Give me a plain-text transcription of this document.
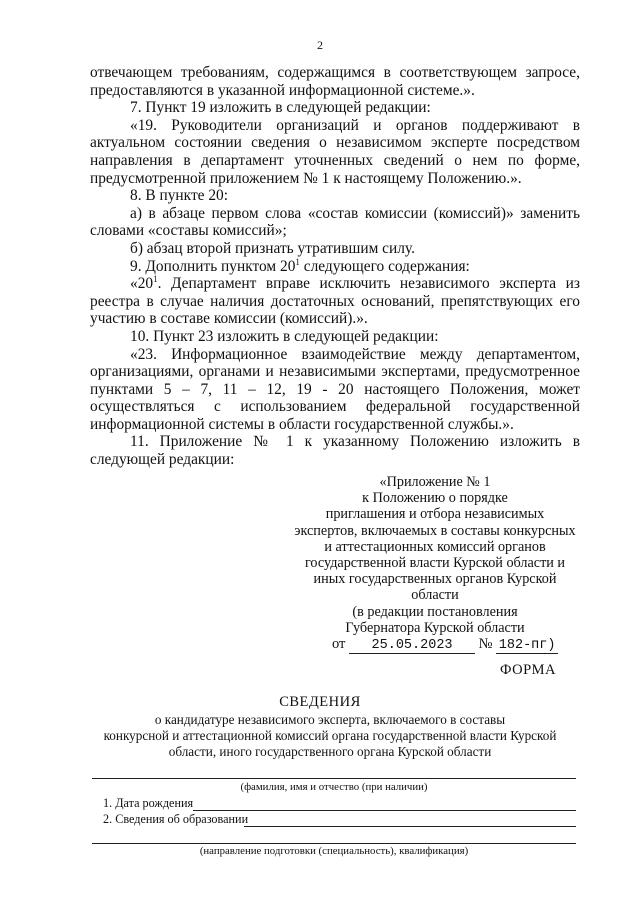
2

отвечающем требованиям, содержащимся в соответствующем запросе, предоставляются в указанной информационной системе.».

7. Пункт 19 изложить в следующей редакции:

«19. Руководители организаций и органов поддерживают в актуальном состоянии сведения о независимом эксперте посредством направления в департамент уточненных сведений о нем по форме, предусмотренной приложением № 1 к настоящему Положению.».

8. В пункте 20:

а) в абзаце первом слова «состав комиссии (комиссий)» заменить словами «составы комиссий»;

б) абзац второй признать утратившим силу.

9. Дополнить пунктом $20^1$ следующего содержания:

«$20^1$. Департамент вправе исключить независимого эксперта из реестра в случае наличия достаточных оснований, препятствующих его участию в составе комиссии (комиссий).».

10. Пункт 23 изложить в следующей редакции:

«23. Информационное взаимодействие между департаментом, организациями, органами и независимыми экспертами, предусмотренное пунктами 5 – 7, 11 – 12, 19 - 20 настоящего Положения, может осуществляться с использованием федеральной государственной информационной системы в области государственной службы.».

11. Приложение № 1 к указанному Положению изложить в следующей редакции:

«Приложение № 1
к Положению о порядке
приглашения и отбора независимых
экспертов, включаемых в составы конкурсных
и аттестационных комиссий органов
государственной власти Курской области и
иных государственных органов Курской
области
(в редакции постановления
Губернатора Курской области
от 25.05.2023 № 182-пг)
ФОРМА
СВЕДЕНИЯ
о кандидатуре независимого эксперта, включаемого в составы
конкурсной и аттестационной комиссий органа государственной власти Курской
области, иного государственного органа Курской области
(фамилия, имя и отчество (при наличии)
1. Дата рождения
2. Сведения об образовании
(направление подготовки (специальность), квалификация)
